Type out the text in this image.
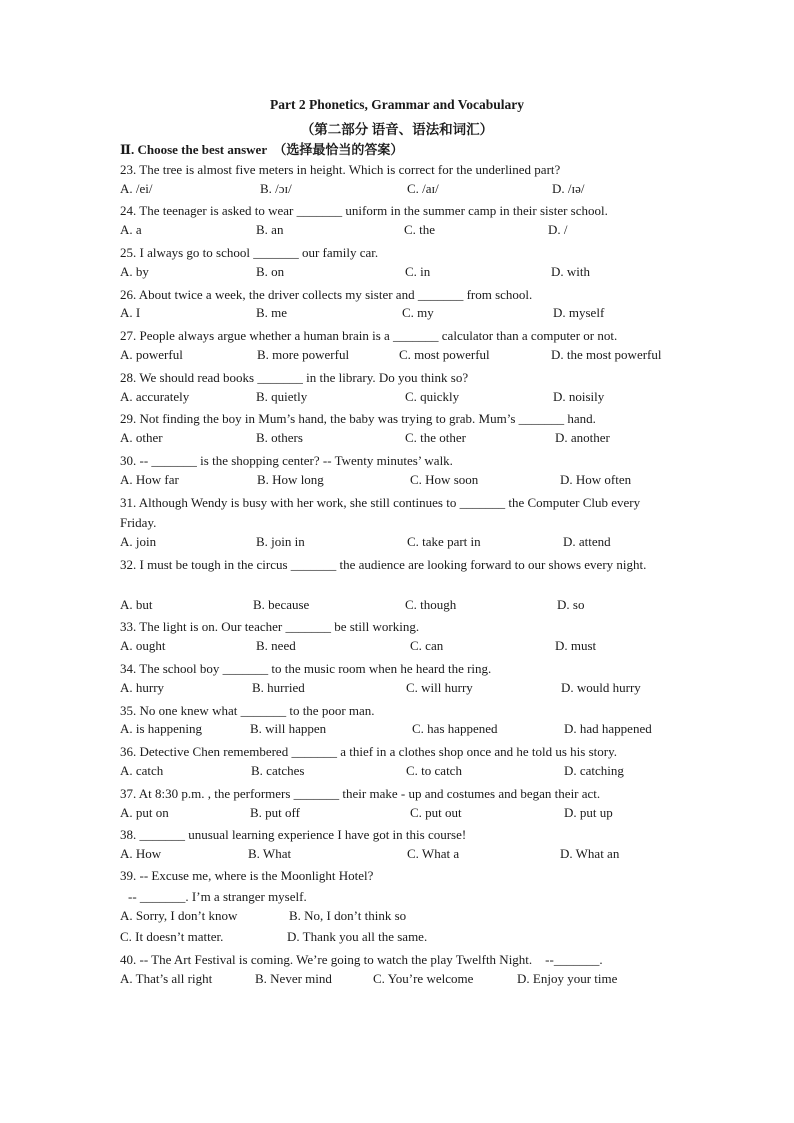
Part 2 Phonetics, Grammar and Vocabulary
（第二部分 语音、语法和词汇）
Ⅱ. Choose the best answer　（选择最恰当的答案）
23. The tree is almost five meters in height. Which is correct for the underlined part?
A. /ei/	B. /ɔɪ/	C. /aɪ/	D. /ɪə/
24. The teenager is asked to wear _______ uniform in the summer camp in their sister school.
A. a	B. an	C. the	D. /
25. I always go to school _______ our family car.
A. by	B. on	C. in	D. with
26. About twice a week, the driver collects my sister and _______ from school.
A. I	B. me	C. my	D. myself
27. People always argue whether a human brain is a _______ calculator than a computer or not.
A. powerful	B. more powerful	C. most powerful	D. the most powerful
28. We should read books _______ in the library. Do you think so?
A. accurately	B. quietly	C. quickly	D. noisily
29. Not finding the boy in Mum’s hand, the baby was trying to grab. Mum’s _______ hand.
A. other	B. others	C. the other	D. another
30. -- _______ is the shopping center? -- Twenty minutes’ walk.
A. How far	B. How long	C. How soon	D. How often
31. Although Wendy is busy with her work, she still continues to _______ the Computer Club every Friday.
A. join	B. join in	C. take part in	D. attend
32. I must be tough in the circus _______ the audience are looking forward to our shows every night.
A. but	B. because	C. though	D. so
33. The light is on. Our teacher _______ be still working.
A. ought	B. need	C. can	D. must
34. The school boy _______ to the music room when he heard the ring.
A. hurry	B. hurried	C. will hurry	D. would hurry
35. No one knew what _______ to the poor man.
A. is happening	B. will happen	C. has happened	D. had happened
36. Detective Chen remembered _______ a thief in a clothes shop once and he told us his story.
A. catch	B. catches	C. to catch	D. catching
37. At 8:30 p.m. , the performers _______ their make - up and costumes and began their act.
A. put on	B. put off	C. put out	D. put up
38. _______ unusual learning experience I have got in this course!
A. How	B. What	C. What a	D. What an
39. -- Excuse me, where is the Moonlight Hotel?
-- _______. I’m a stranger myself.
A. Sorry, I don’t know	B. No, I don’t think so
C. It doesn’t matter.	D. Thank you all the same.
40. -- The Art Festival is coming. We’re going to watch the play Twelfth Night.　--_______.
A. That’s all right	B. Never mind	C. You’re welcome	D. Enjoy your time
